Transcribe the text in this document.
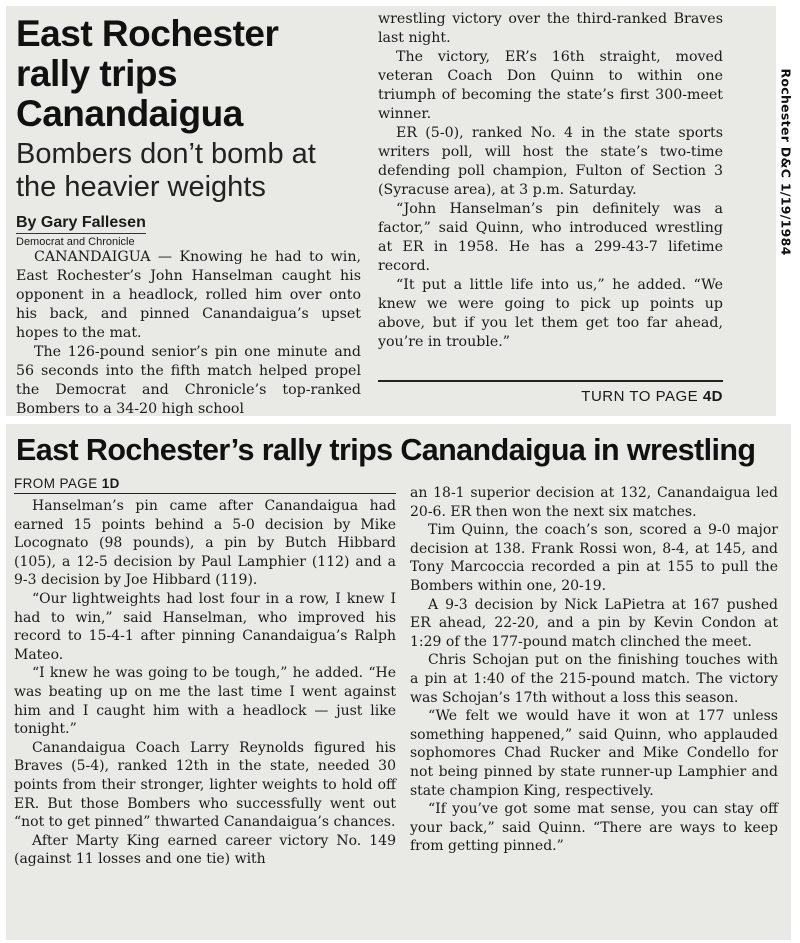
Rochester D&C 1/19/1984
East Rochester rally trips Canandaigua
Bombers don’t bomb at the heavier weights
By Gary Fallesen
Democrat and Chronicle

CANANDAIGUA — Knowing he had to win, East Rochester’s John Hanselman caught his opponent in a headlock, rolled him over onto his back, and pinned Canandaigua’s upset hopes to the mat.

The 126-pound senior’s pin one minute and 56 seconds into the fifth match helped propel the Democrat and Chronicle’s top-ranked Bombers to a 34-20 high school

wrestling victory over the third-ranked Braves last night.

The victory, ER’s 16th straight, moved veteran Coach Don Quinn to within one triumph of becoming the state’s first 300-meet winner.

ER (5-0), ranked No. 4 in the state sports writers poll, will host the state’s two-time defending poll champion, Fulton of Section 3 (Syracuse area), at 3 p.m. Saturday.

“John Hanselman’s pin definitely was a factor,” said Quinn, who introduced wrestling at ER in 1958. He has a 299-43-7 lifetime record.

“It put a little life into us,” he added. “We knew we were going to pick up points up above, but if you let them get too far ahead, you’re in trouble.”

TURN TO PAGE 4D
East Rochester’s rally trips Canandaigua in wrestling
FROM PAGE 1D

Hanselman’s pin came after Canandaigua had earned 15 points behind a 5-0 decision by Mike Locognato (98 pounds), a pin by Butch Hibbard (105), a 12-5 decision by Paul Lamphier (112) and a 9-3 decision by Joe Hibbard (119).

“Our lightweights had lost four in a row, I knew I had to win,” said Hanselman, who improved his record to 15-4-1 after pinning Canandaigua’s Ralph Mateo.

“I knew he was going to be tough,” he added. “He was beating up on me the last time I went against him and I caught him with a headlock — just like tonight.”

Canandaigua Coach Larry Reynolds figured his Braves (5-4), ranked 12th in the state, needed 30 points from their stronger, lighter weights to hold off ER. But those Bombers who successfully went out “not to get pinned” thwarted Canandaigua’s chances.

After Marty King earned career victory No. 149 (against 11 losses and one tie) with

an 18-1 superior decision at 132, Canandaigua led 20-6. ER then won the next six matches.

Tim Quinn, the coach’s son, scored a 9-0 major decision at 138. Frank Rossi won, 8-4, at 145, and Tony Marcoccia recorded a pin at 155 to pull the Bombers within one, 20-19.

A 9-3 decision by Nick LaPietra at 167 pushed ER ahead, 22-20, and a pin by Kevin Condon at 1:29 of the 177-pound match clinched the meet.

Chris Schojan put on the finishing touches with a pin at 1:40 of the 215-pound match. The victory was Schojan’s 17th without a loss this season.

“We felt we would have it won at 177 unless something happened,” said Quinn, who applauded sophomores Chad Rucker and Mike Condello for not being pinned by state runner-up Lamphier and state champion King, respectively.

“If you’ve got some mat sense, you can stay off your back,” said Quinn. “There are ways to keep from getting pinned.”
